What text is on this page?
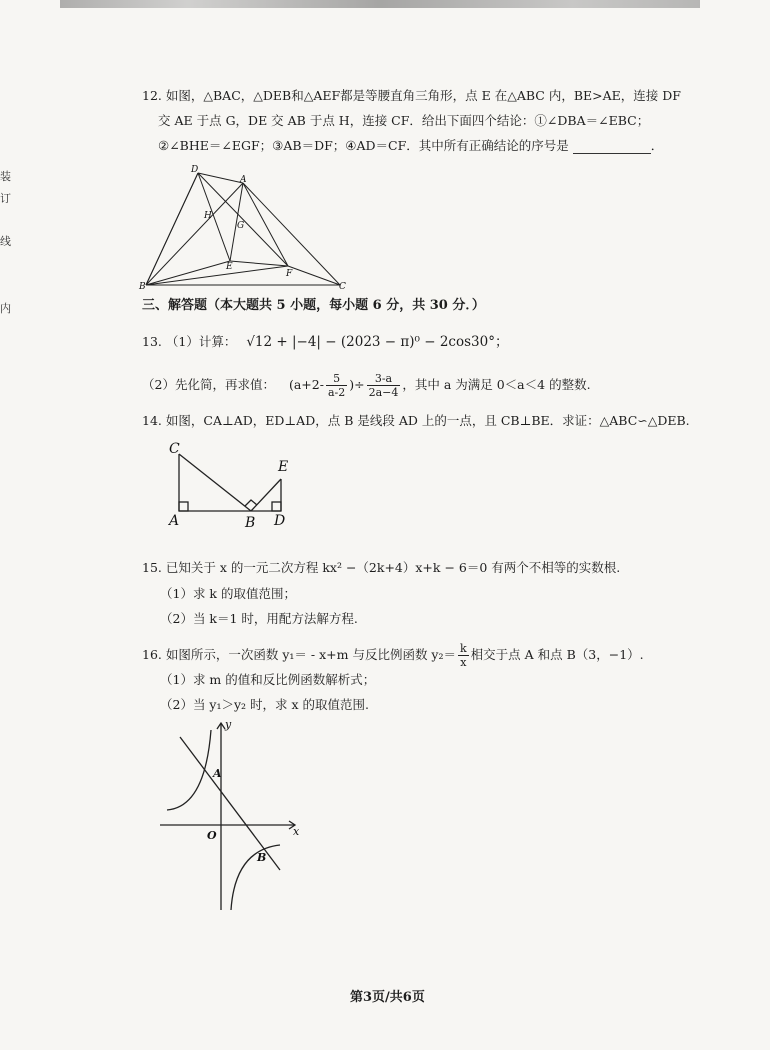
装
订
线
内
12. 如图，△BAC，△DEB和△AEF都是等腰直角三角形，点 E 在△ABC 内，BE>AE，连接 DF
交 AE 于点 G，DE 交 AB 于点 H，连接 CF．给出下面四个结论：①∠DBA＝∠EBC；
②∠BHE＝∠EGF；③AB＝DF；④AD＝CF．其中所有正确结论的序号是	．
D
A
H
G
E
F
B	C
三、解答题（本大题共 5 小题，每小题 6 分，共 30 分．）
13. （1）计算： √12 + |−4| − (2023 − π)⁰ − 2cos30°；
（2）先化简，再求值： ($a+2- \frac{5}{a-2}$ )÷ $\frac{3-a}{2a-4}$ ，其中 a 为满足 0＜a＜4 的整数.
14. 如图，CA⊥AD，ED⊥AD，点 B 是线段 AD 上的一点，且 CB⊥BE．求证：△ABC∽△DEB.
C
E
A	B D
15. 已知关于 x 的一元二次方程 kx² −（2k+4）x+k − 6＝0 有两个不相等的实数根.
（1）求 k 的取值范围；
（2）当 k＝1 时，用配方法解方程.
16. 如图所示，一次函数 y₁＝ - x+m 与反比例函数 $y_2= \frac{k}{x}$ 相交于点 A 和点 B（3，−1）.
（1）求 m 的值和反比例函数解析式；
（2）当 y₁＞y₂ 时，求 x 的取值范围.
y
A
O	x
B
第3页/共6页
